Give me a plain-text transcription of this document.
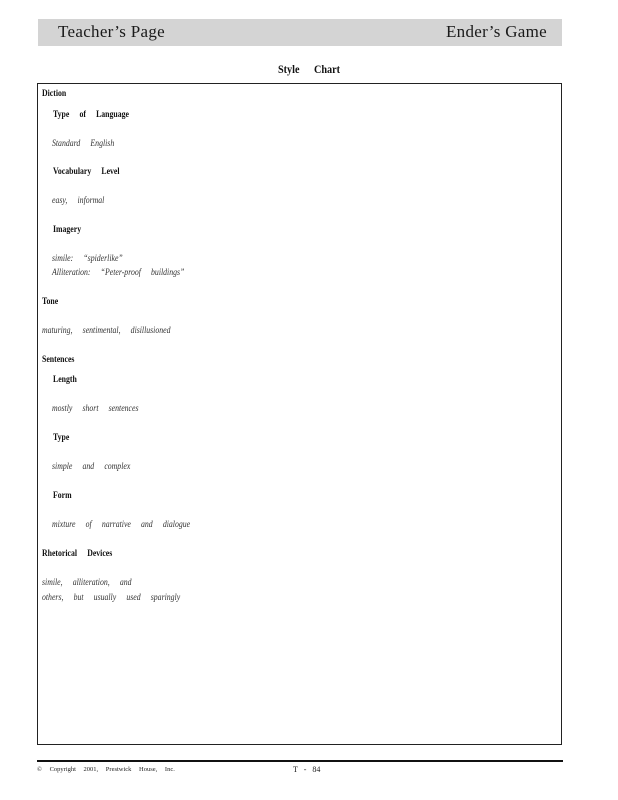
Teacher’s Page	Ender’s Game
Style Chart
Diction
Type of Language
Standard English
Vocabulary Level
easy, informal
Imagery
simile: “spiderlike”
Alliteration: “Peter-proof buildings”
Tone
maturing, sentimental, disillusioned
Sentences
Length
mostly short sentences
Type
simple and complex
Form
mixture of narrative and dialogue
Rhetorical Devices
simile, alliteration, and
others, but usually used sparingly
© Copyright 2001, Prestwick House, Inc.	T - 84
